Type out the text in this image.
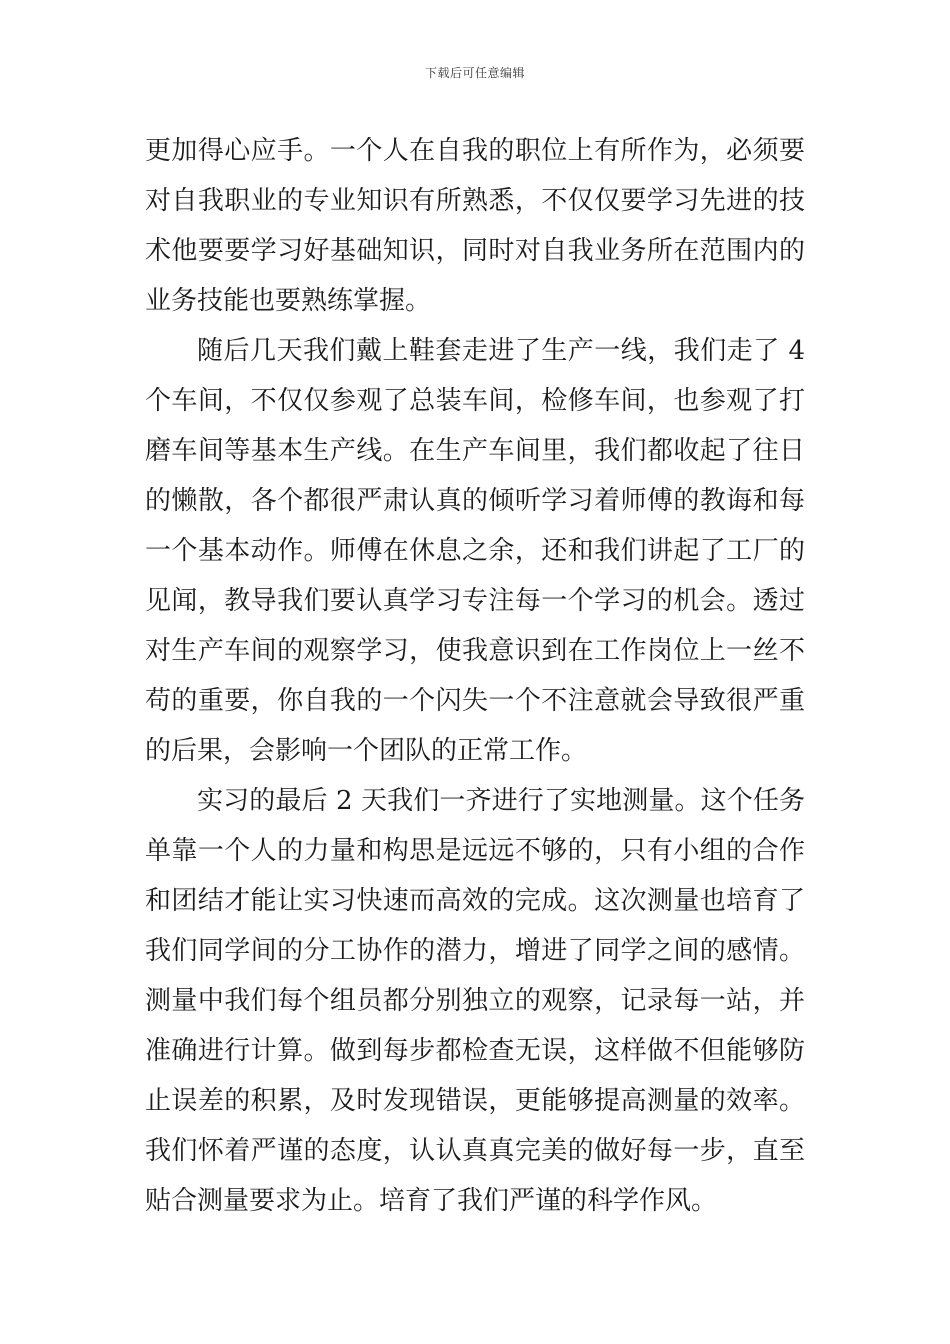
下载后可任意编辑

更加得心应手。一个人在自我的职位上有所作为，必须要对自我职业的专业知识有所熟悉，不仅仅要学习先进的技术他要要学习好基础知识，同时对自我业务所在范围内的业务技能也要熟练掌握。

随后几天我们戴上鞋套走进了生产一线，我们走了 4 个车间，不仅仅参观了总装车间，检修车间，也参观了打磨车间等基本生产线。在生产车间里，我们都收起了往日的懒散，各个都很严肃认真的倾听学习着师傅的教诲和每一个基本动作。师傅在休息之余，还和我们讲起了工厂的见闻，教导我们要认真学习专注每一个学习的机会。透过对生产车间的观察学习，使我意识到在工作岗位上一丝不苟的重要，你自我的一个闪失一个不注意就会导致很严重的后果，会影响一个团队的正常工作。

实习的最后 2 天我们一齐进行了实地测量。这个任务单靠一个人的力量和构思是远远不够的，只有小组的合作和团结才能让实习快速而高效的完成。这次测量也培育了我们同学间的分工协作的潜力，增进了同学之间的感情。测量中我们每个组员都分别独立的观察，记录每一站，并准确进行计算。做到每步都检查无误，这样做不但能够防止误差的积累，及时发现错误，更能够提高测量的效率。我们怀着严谨的态度，认认真真完美的做好每一步，直至贴合测量要求为止。培育了我们严谨的科学作风。
